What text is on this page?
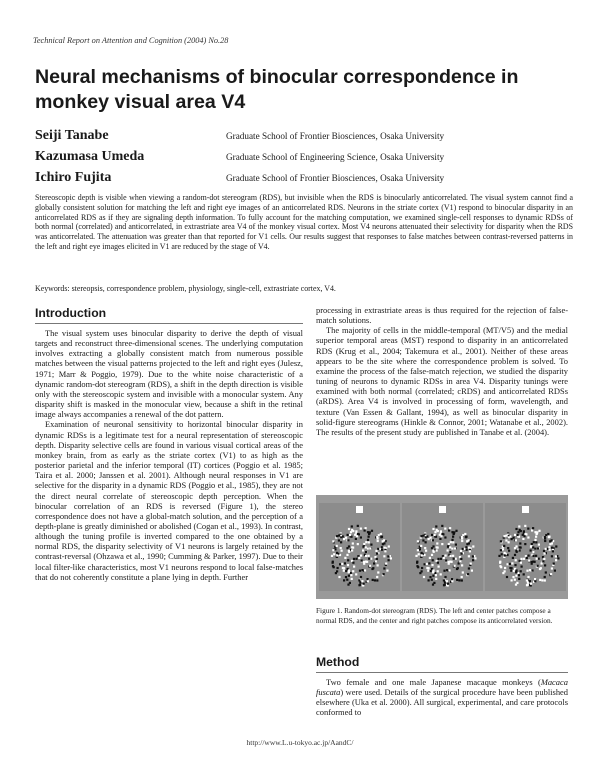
Technical Report on Attention and Cognition (2004) No.28
Neural mechanisms of binocular correspondence in monkey visual area V4
Seiji Tanabe	Graduate School of Frontier Biosciences, Osaka University
Kazumasa Umeda	Graduate School of Engineering Science, Osaka University
Ichiro Fujita	Graduate School of Frontier Biosciences, Osaka University

Stereoscopic depth is visible when viewing a random-dot stereogram (RDS), but invisible when the RDS is binocularly anticorrelated. The visual system cannot find a globally consistent solution for matching the left and right eye images of an anticorrelated RDS. Neurons in the striate cortex (V1) respond to binocular disparity in an anticorrelated RDS as if they are signaling depth information. To fully account for the matching computation, we examined single-cell responses to dynamic RDSs of both normal (correlated) and anticorrelated, in extrastriate area V4 of the monkey visual cortex. Most V4 neurons attenuated their selectivity for disparity when the RDS was anticorrelated. The attenuation was greater than that reported for V1 cells. Our results suggest that responses to false matches between contrast-reversed patterns in the left and right eye images elicited in V1 are reduced by the stage of V4.

Keywords: stereopsis, correspondence problem, physiology, single-cell, extrastriate cortex, V4.
Introduction

The visual system uses binocular disparity to derive the depth of visual targets and reconstruct three-dimensional scenes. The underlying computation involves extracting a globally consistent match from numerous possible matches between the visual patterns projected to the left and right eyes (Julesz, 1971; Marr & Poggio, 1979). Due to the white noise characteristic of a dynamic random-dot stereogram (RDS), a shift in the depth direction is visible only with the stereoscopic system and invisible with a monocular system. Any disparity shift is masked in the monocular view, because a shift in the retinal image always accompanies a renewal of the dot pattern.

Examination of neuronal sensitivity to horizontal binocular disparity in dynamic RDSs is a legitimate test for a neural representation of stereoscopic depth. Disparity selective cells are found in various visual cortical areas of the monkey brain, from as early as the striate cortex (V1) to as high as the posterior parietal and the inferior temporal (IT) cortices (Poggio et al. 1985; Taira et al. 2000; Janssen et al. 2001). Although neural responses in V1 are selective for the disparity in a dynamic RDS (Poggio et al., 1985), they are not the direct neural correlate of stereoscopic depth perception. When the binocular correlation of an RDS is reversed (Figure 1), the stereo correspondence does not have a global-match solution, and the perception of a depth-plane is greatly diminished or abolished (Cogan et al., 1993). In contrast, although the tuning profile is inverted compared to the one obtained by a normal RDS, the disparity selectivity of V1 neurons is largely retained by the contrast-reversal (Ohzawa et al., 1990; Cumming & Parker, 1997). Due to their local filter-like characteristics, most V1 neurons respond to local false-matches that do not coherently constitute a plane lying in depth. Further

processing in extrastriate areas is thus required for the rejection of false-match solutions.

The majority of cells in the middle-temporal (MT/V5) and the medial superior temporal areas (MST) respond to disparity in an anticorrelated RDS (Krug et al., 2004; Takemura et al., 2001). Neither of these areas appears to be the site where the correspondence problem is solved. To examine the process of the false-match rejection, we studied the disparity tuning of neurons to dynamic RDSs in area V4. Disparity tunings were examined with both normal (correlated; cRDS) and anticorrelated RDSs (aRDS). Area V4 is involved in processing of form, wavelength, and texture (Van Essen & Gallant, 1994), as well as binocular disparity in solid-figure stereograms (Hinkle & Connor, 2001; Watanabe et al., 2002). The results of the present study are published in Tanabe et al. (2004).

Figure 1. Random-dot stereogram (RDS). The left and center patches compose a normal RDS, and the center and right patches compose its anticorrelated version.

Method

Two female and one male Japanese macaque monkeys (Macaca fuscata) were used. Details of the surgical procedure have been published elsewhere (Uka et al. 2000). All surgical, experimental, and care protocols conformed to

http://www.L.u-tokyo.ac.jp/AandC/
